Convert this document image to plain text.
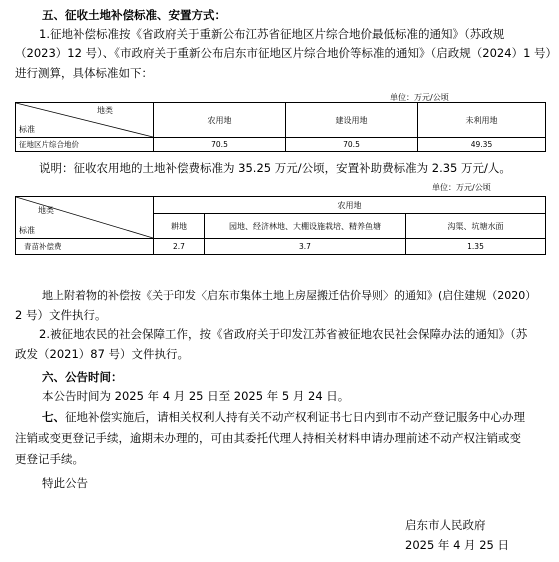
五、征收土地补偿标准、安置方式：
1.征地补偿标准按《省政府关于重新公布江苏省征地区片综合地价最低标准的通知》（苏政规
（2023）12 号）、《市政府关于重新公布启东市征地区片综合地价等标准的通知》（启政规（2024）1 号）
进行测算，具体标准如下：
单位：万元/公顷
地类
标准	农用地	建设用地	未利用地
征地区片综合地价	70.5	70.5	49.35
说明：征收农用地的土地补偿费标准为 35.25 万元/公顷，安置补助费标准为 2.35 万元/人。
单位：万元/公顷
地类
标准	农用地		
	耕地	园地、经济林地、大棚设施栽培、精养鱼塘	沟渠、坑塘水面
青苗补偿费	2.7	3.7	1.35
地上附着物的补偿按《关于印发〈启东市集体土地上房屋搬迁估价导则〉的通知》(启住建规（2020）
2 号）文件执行。
2.被征地农民的社会保障工作，按《省政府关于印发江苏省被征地农民社会保障办法的通知》（苏
政发（2021）87 号）文件执行。
六、公告时间：
本公告时间为 2025 年 4 月 25 日至 2025 年 5 月 24 日。
七、征地补偿实施后，请相关权利人持有关不动产权利证书七日内到市不动产登记服务中心办理
注销或变更登记手续，逾期未办理的，可由其委托代理人持相关材料申请办理前述不动产权注销或变
更登记手续。
特此公告
启东市人民政府
2025 年 4 月 25 日
